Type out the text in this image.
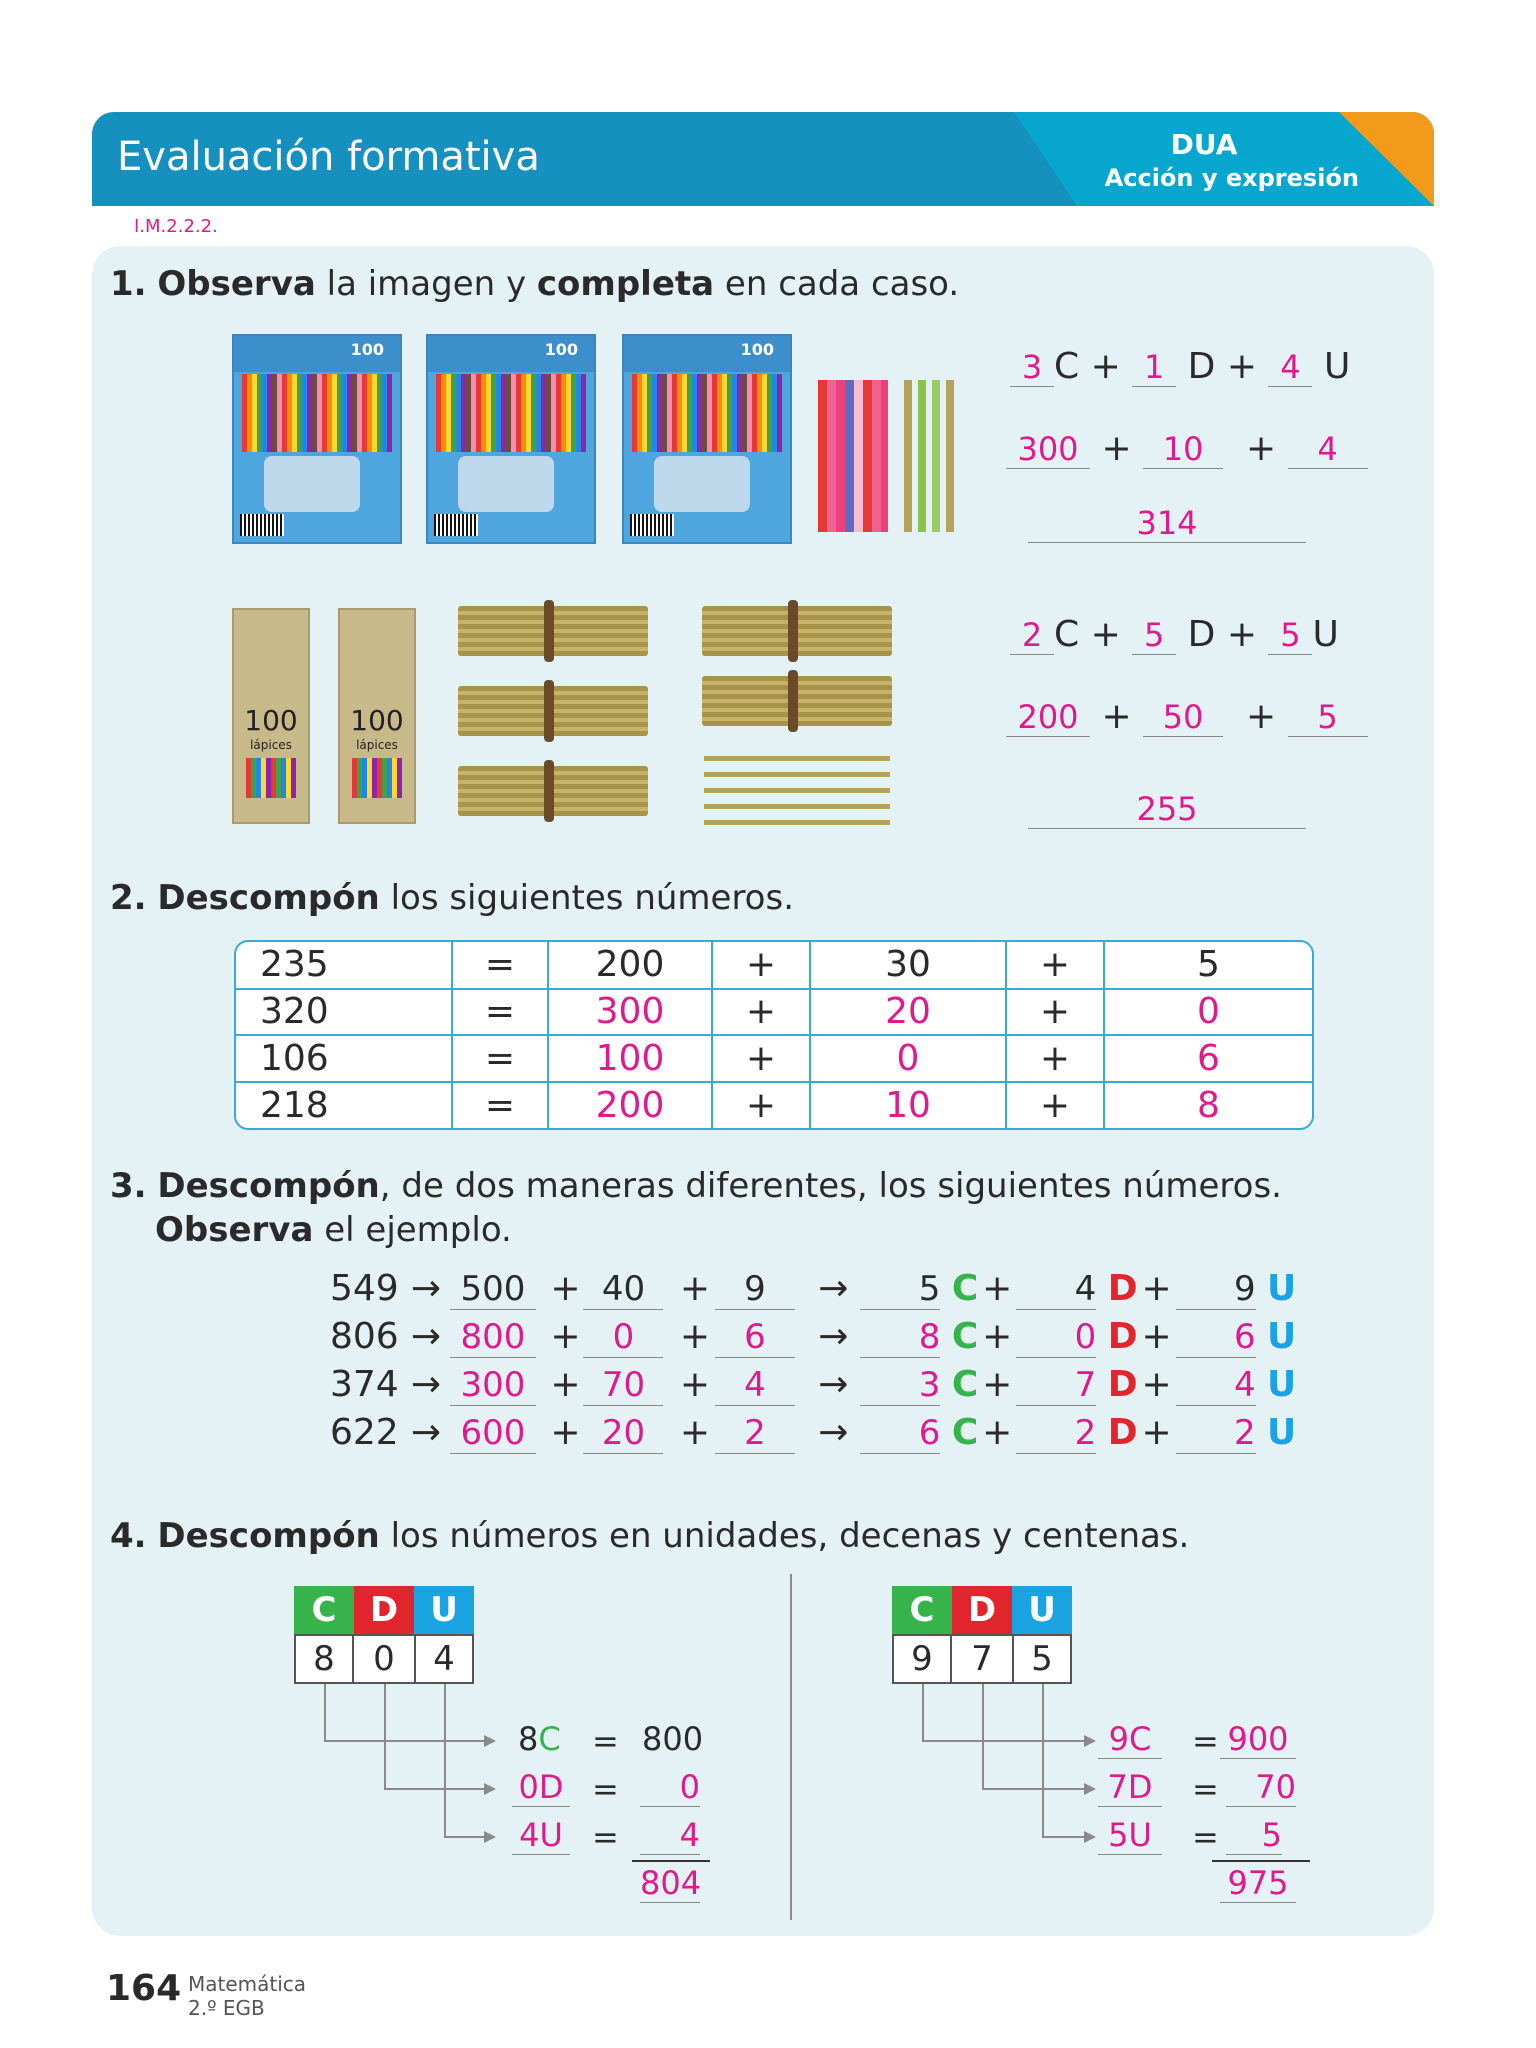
Evaluación formativa	DUA
Acción y expresión
I.M.2.2.2.
1. Observa la imagen y completa en cada caso.
100	100	100	3 C + 1 D + 4 U
300 + 10 + 4
314
100
lápices
100
lápices
2 C + 5 D + 5 U
200 + 50 + 5
255
2. Descompón los siguientes números.
235	=	200	+	30	+	5
320	=	300	+	20	+	0
106	=	100	+	0	+	6
218	=	200	+	10	+	8
3. Descompón, de dos maneras diferentes, los siguientes números.
Observa el ejemplo.
549 → 500 + 40 + 9 → 5 C + 4 D + 9 U
806 → 800 + 0 + 6 → 8 C + 0 D + 6 U
374 → 300 + 70 + 4 → 3 C + 7 D + 4 U
622 → 600 + 20 + 2 → 6 C + 2 D + 2 U
4. Descompón los números en unidades, decenas y centenas.
C D U
8	0	4
8C = 800
0D =	0
4U =	4
804
C D U
9	7	5
9C	= 900
7D =	70
5U	=	5
975
164 Matemática
2.º EGB
